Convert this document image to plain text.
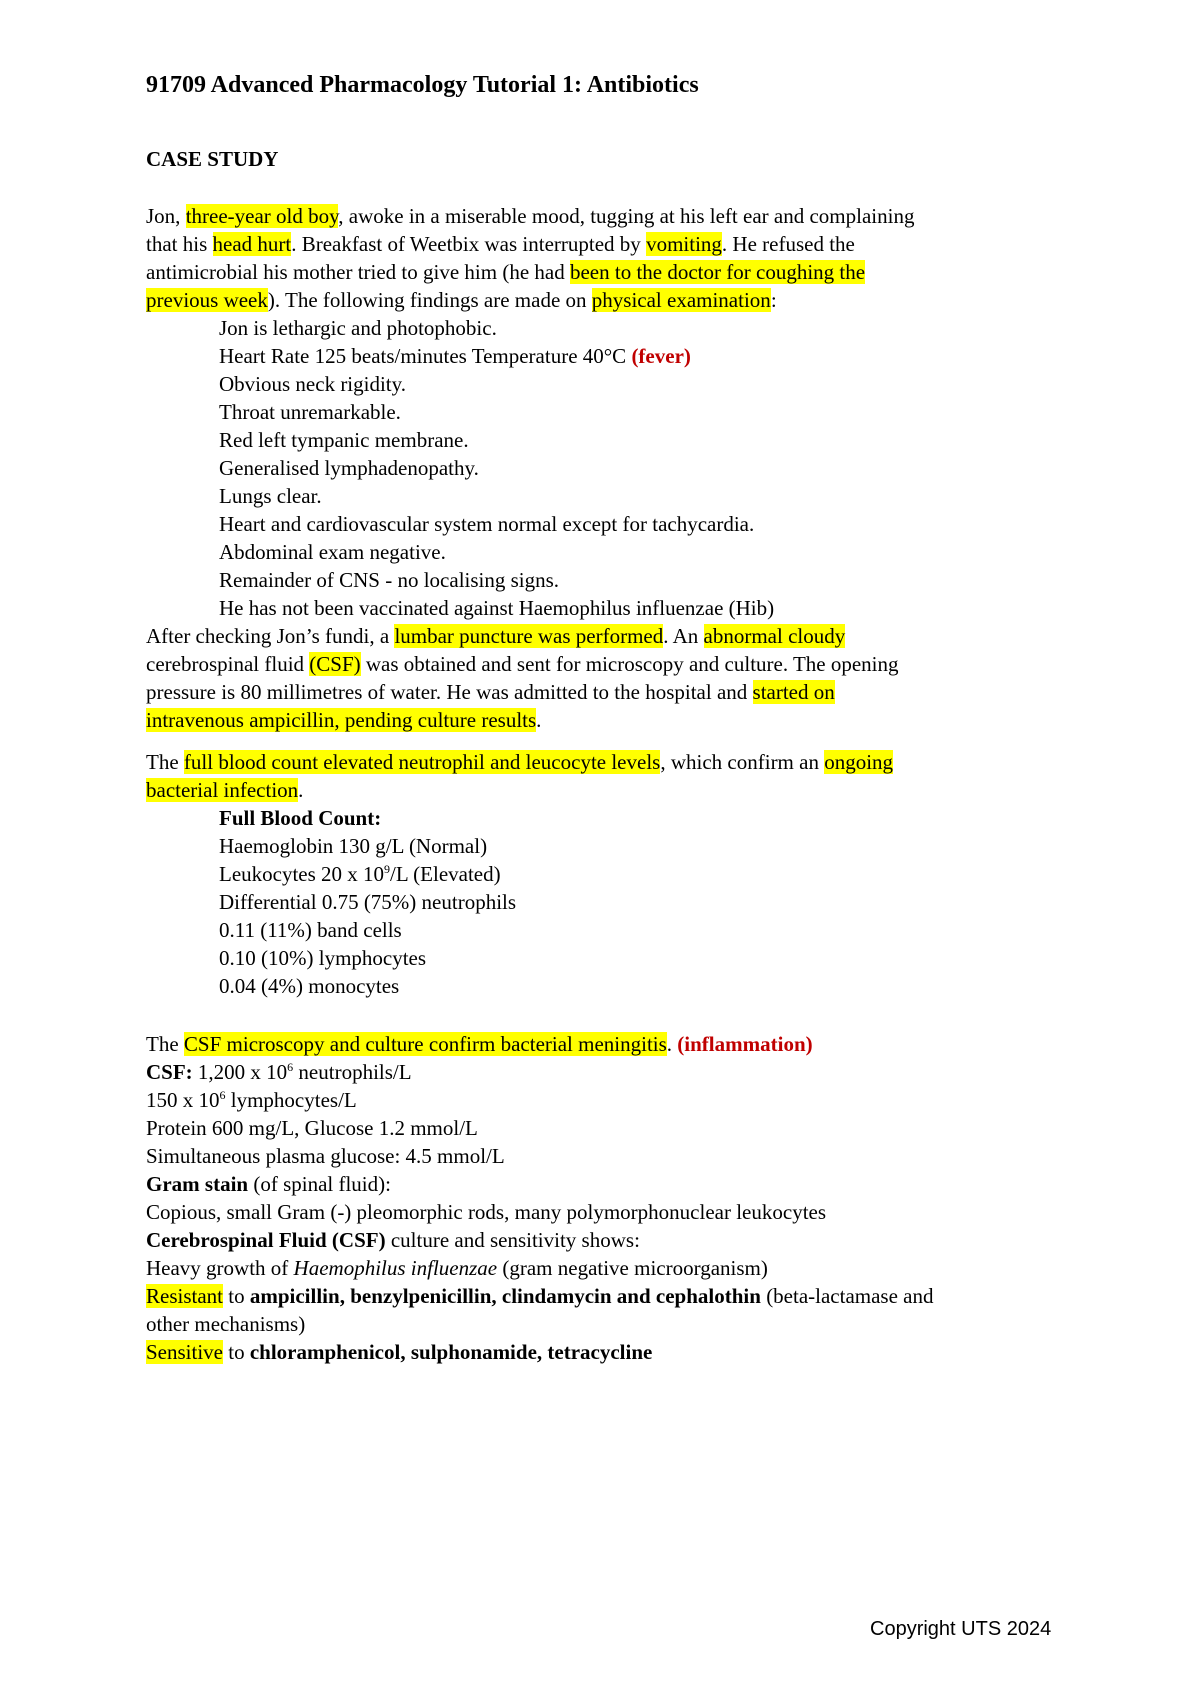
91709 Advanced Pharmacology Tutorial 1: Antibiotics
CASE STUDY
Jon, three-year old boy, awoke in a miserable mood, tugging at his left ear and complaining
that his head hurt. Breakfast of Weetbix was interrupted by vomiting. He refused the
antimicrobial his mother tried to give him (he had been to the doctor for coughing the
previous week). The following findings are made on physical examination:
Jon is lethargic and photophobic.
Heart Rate 125 beats/minutes Temperature 40°C (fever)
Obvious neck rigidity.
Throat unremarkable.
Red left tympanic membrane.
Generalised lymphadenopathy.
Lungs clear.
Heart and cardiovascular system normal except for tachycardia.
Abdominal exam negative.
Remainder of CNS - no localising signs.
He has not been vaccinated against Haemophilus influenzae (Hib)
After checking Jon’s fundi, a lumbar puncture was performed. An abnormal cloudy
cerebrospinal fluid (CSF) was obtained and sent for microscopy and culture. The opening
pressure is 80 millimetres of water. He was admitted to the hospital and started on
intravenous ampicillin, pending culture results.
The full blood count elevated neutrophil and leucocyte levels, which confirm an ongoing
bacterial infection.
Full Blood Count:
Haemoglobin 130 g/L (Normal)
Leukocytes 20 x $10^9/L$ (Elevated)
Differential 0.75 (75%) neutrophils
0.11 (11%) band cells
0.10 (10%) lymphocytes
0.04 (4%) monocytes
The CSF microscopy and culture confirm bacterial meningitis. (inflammation)
CSF: 1,200 x $10^6$ neutrophils/L
150 x $10^6$ lymphocytes/L
Protein 600 mg/L, Glucose 1.2 mmol/L
Simultaneous plasma glucose: 4.5 mmol/L
Gram stain (of spinal fluid):
Copious, small Gram (-) pleomorphic rods, many polymorphonuclear leukocytes
Cerebrospinal Fluid (CSF) culture and sensitivity shows:
Heavy growth of Haemophilus influenzae (gram negative microorganism)
Resistant to ampicillin, benzylpenicillin, clindamycin and cephalothin (beta-lactamase and
other mechanisms)
Sensitive to chloramphenicol, sulphonamide, tetracycline
Copyright UTS 2024
